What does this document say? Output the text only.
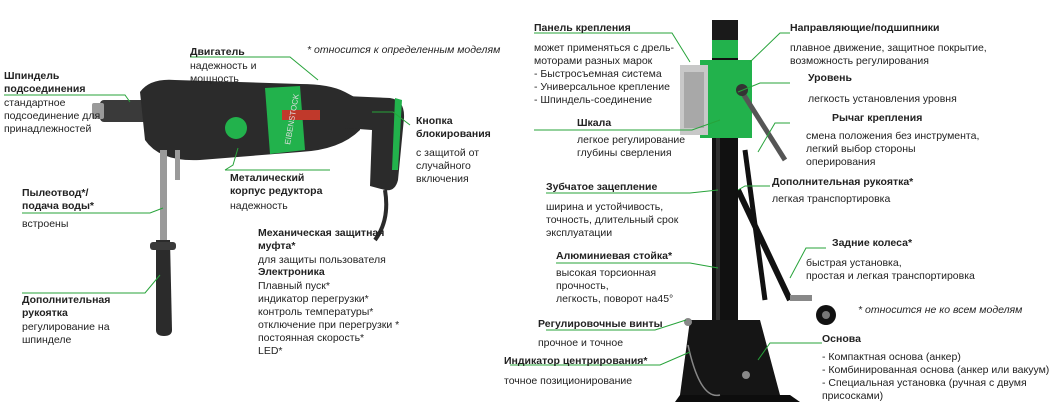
EIBENSTOCK
* относится к определенным моделям
Шпиндель
подсоединения
стандартное
подсоединение для
принадлежностей
Двигатель
надежность и
мощность
Кнопка
блокирования
с защитой от
случайного
включения
Пылеотвод*/
подача воды*
встроены
Металический
корпус редуктора
надежность
Механическая защитная
муфта*
для защиты пользователя
Электроника
Плавный пуск*
индикатор перегрузки*
контроль температуры*
отключение при перегрузки *
постоянная скорость*
LED*
Дополнительная
рукоятка
регулирование на
шпинделе
Панель крепления
может применяться с дрель-
моторами разных марок
- Быстросъемная система
- Универсальное крепление
- Шпиндель-соединение
Направляющие/подшипники
плавное движение, защитное покрытие,
возможность регулирования
Уровень
легкость установления уровня
Шкала
легкое регулирование
глубины сверления
Рычаг крепления
смена положения без инструмента,
легкий выбор стороны
оперирования
Зубчатое зацепление
ширина и устойчивость,
точность, длительный срок
эксплуатации
Дополнительная рукоятка*
легкая транспортировка
Алюминиевая стойка*
высокая торсионная
прочность,
легкость, поворот на45°
Задние колеса*
быстрая установка,
простая и легкая транспортировка
* относится не ко всем моделям
Регулировочные винты
прочное и точное
Индикатор центрирования*
точное позиционирование
Основа
- Компактная основа (анкер)
- Комбинированная основа (анкер или вакуум)
- Специальная установка (ручная с двумя
присосками)
